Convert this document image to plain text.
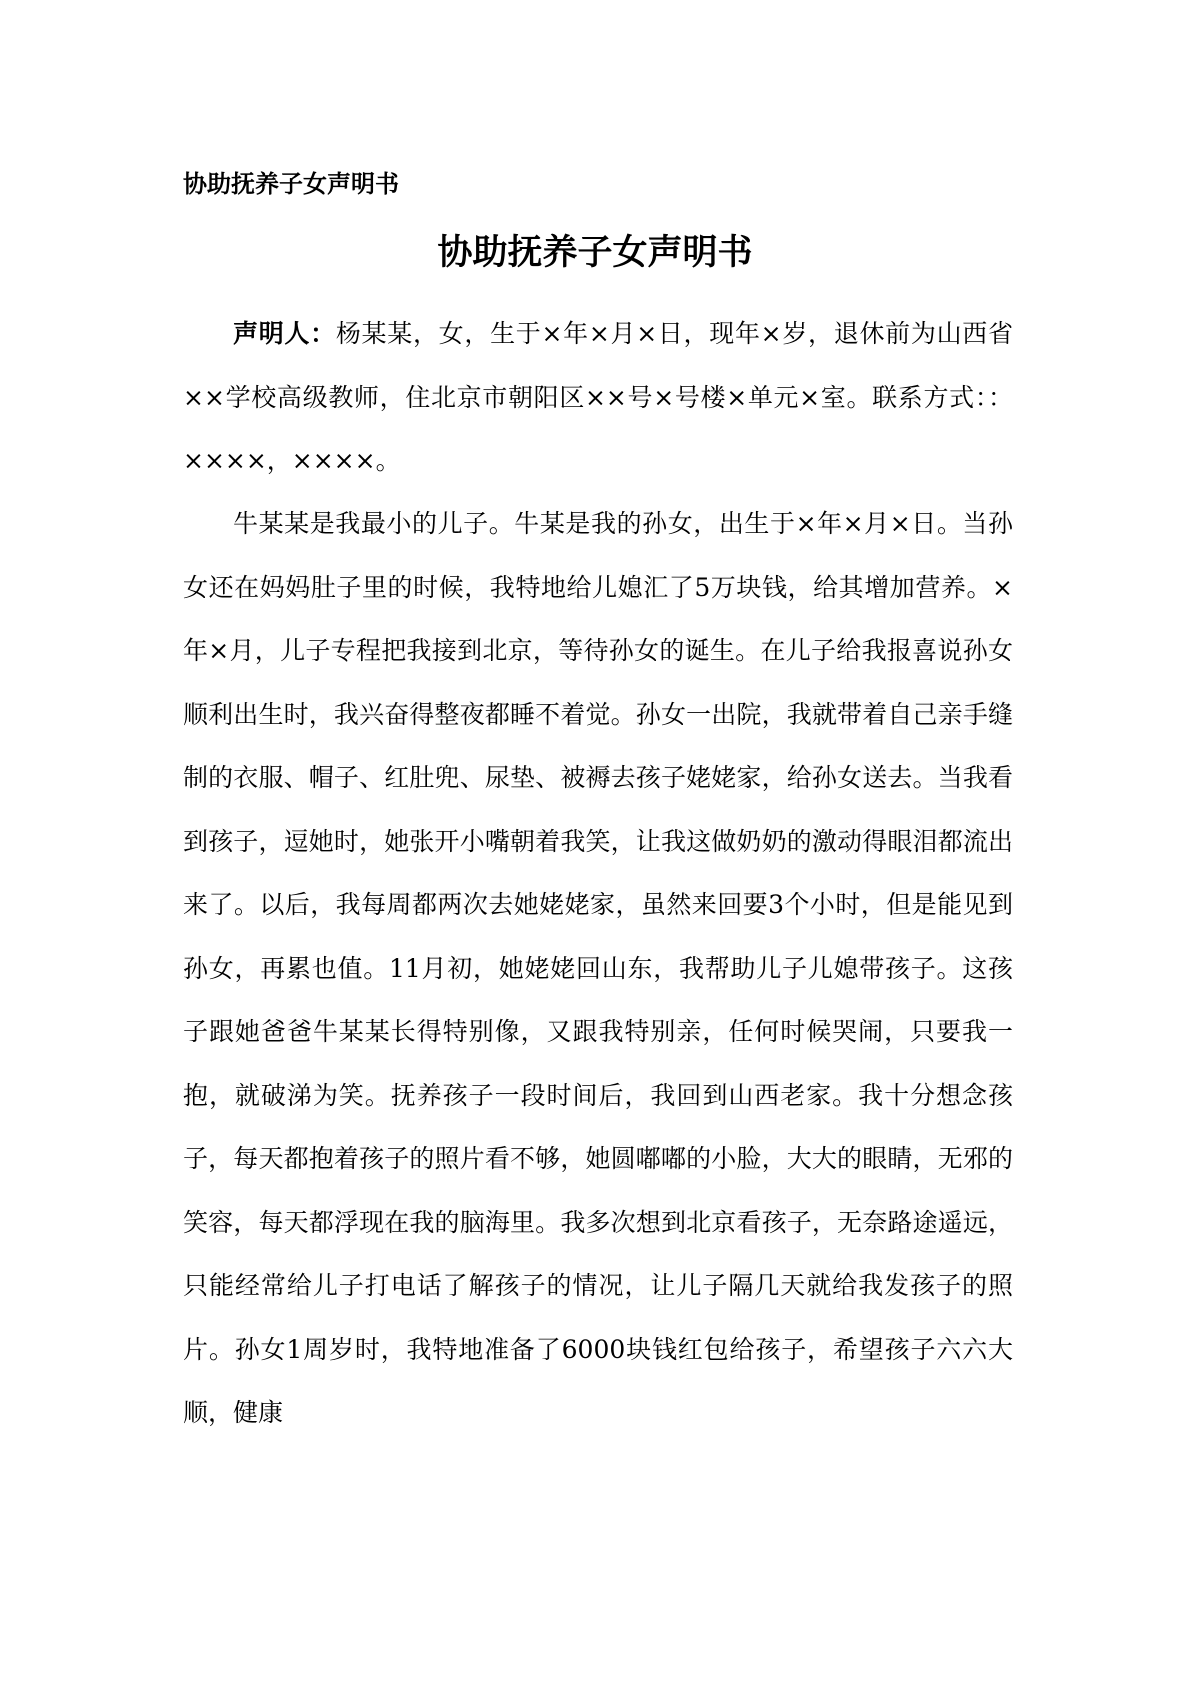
协助抚养子女声明书
协助抚养子女声明书

声明人：杨某某，女，生于×年×月×日，现年×岁，退休前为山西省××学校高级教师，住北京市朝阳区××号×号楼×单元×室。联系方式：：××××，××××。

牛某某是我最小的儿子。牛某是我的孙女，出生于×年×月×日。当孙女还在妈妈肚子里的时候，我特地给儿媳汇了5万块钱，给其增加营养。×年×月，儿子专程把我接到北京，等待孙女的诞生。在儿子给我报喜说孙女顺利出生时，我兴奋得整夜都睡不着觉。孙女一出院，我就带着自己亲手缝制的衣服、帽子、红肚兜、尿垫、被褥去孩子姥姥家，给孙女送去。当我看到孩子，逗她时，她张开小嘴朝着我笑，让我这做奶奶的激动得眼泪都流出来了。以后，我每周都两次去她姥姥家，虽然来回要3个小时，但是能见到孙女，再累也值。11月初，她姥姥回山东，我帮助儿子儿媳带孩子。这孩子跟她爸爸牛某某长得特别像，又跟我特别亲，任何时候哭闹，只要我一抱，就破涕为笑。抚养孩子一段时间后，我回到山西老家。我十分想念孩子，每天都抱着孩子的照片看不够，她圆嘟嘟的小脸，大大的眼睛，无邪的笑容，每天都浮现在我的脑海里。我多次想到北京看孩子，无奈路途遥远，只能经常给儿子打电话了解孩子的情况，让儿子隔几天就给我发孩子的照片。孙女1周岁时，我特地准备了6000块钱红包给孩子，希望孩子六六大顺，健康
